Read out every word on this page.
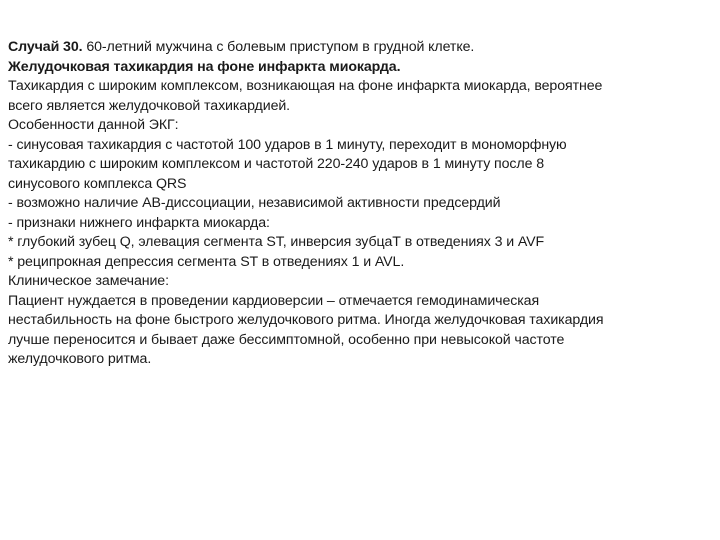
Случай 30. 60-летний мужчина с болевым приступом в грудной клетке.
Желудочковая тахикардия на фоне инфаркта миокарда.
Тахикардия с широким комплексом, возникающая на фоне инфаркта миокарда, вероятнее
всего является желудочковой тахикардией.
Особенности данной ЭКГ:
- синусовая тахикардия с частотой 100 ударов в 1 минуту, переходит в мономорфную
тахикардию с широким комплексом и частотой 220-240 ударов в 1 минуту после 8
синусового комплекса QRS
- возможно наличие АВ-диссоциации, независимой активности предсердий
- признаки нижнего инфаркта миокарда:
* глубокий зубец Q, элевация сегмента ST, инверсия зубцаТ в отведениях 3 и AVF
* реципрокная депрессия сегмента ST в отведениях 1 и AVL.
Клиническое замечание:
Пациент нуждается в проведении кардиоверсии – отмечается гемодинамическая
нестабильность на фоне быстрого желудочкового ритма. Иногда желудочковая тахикардия
лучше переносится и бывает даже бессимптомной, особенно при невысокой частоте
желудочкового ритма.
